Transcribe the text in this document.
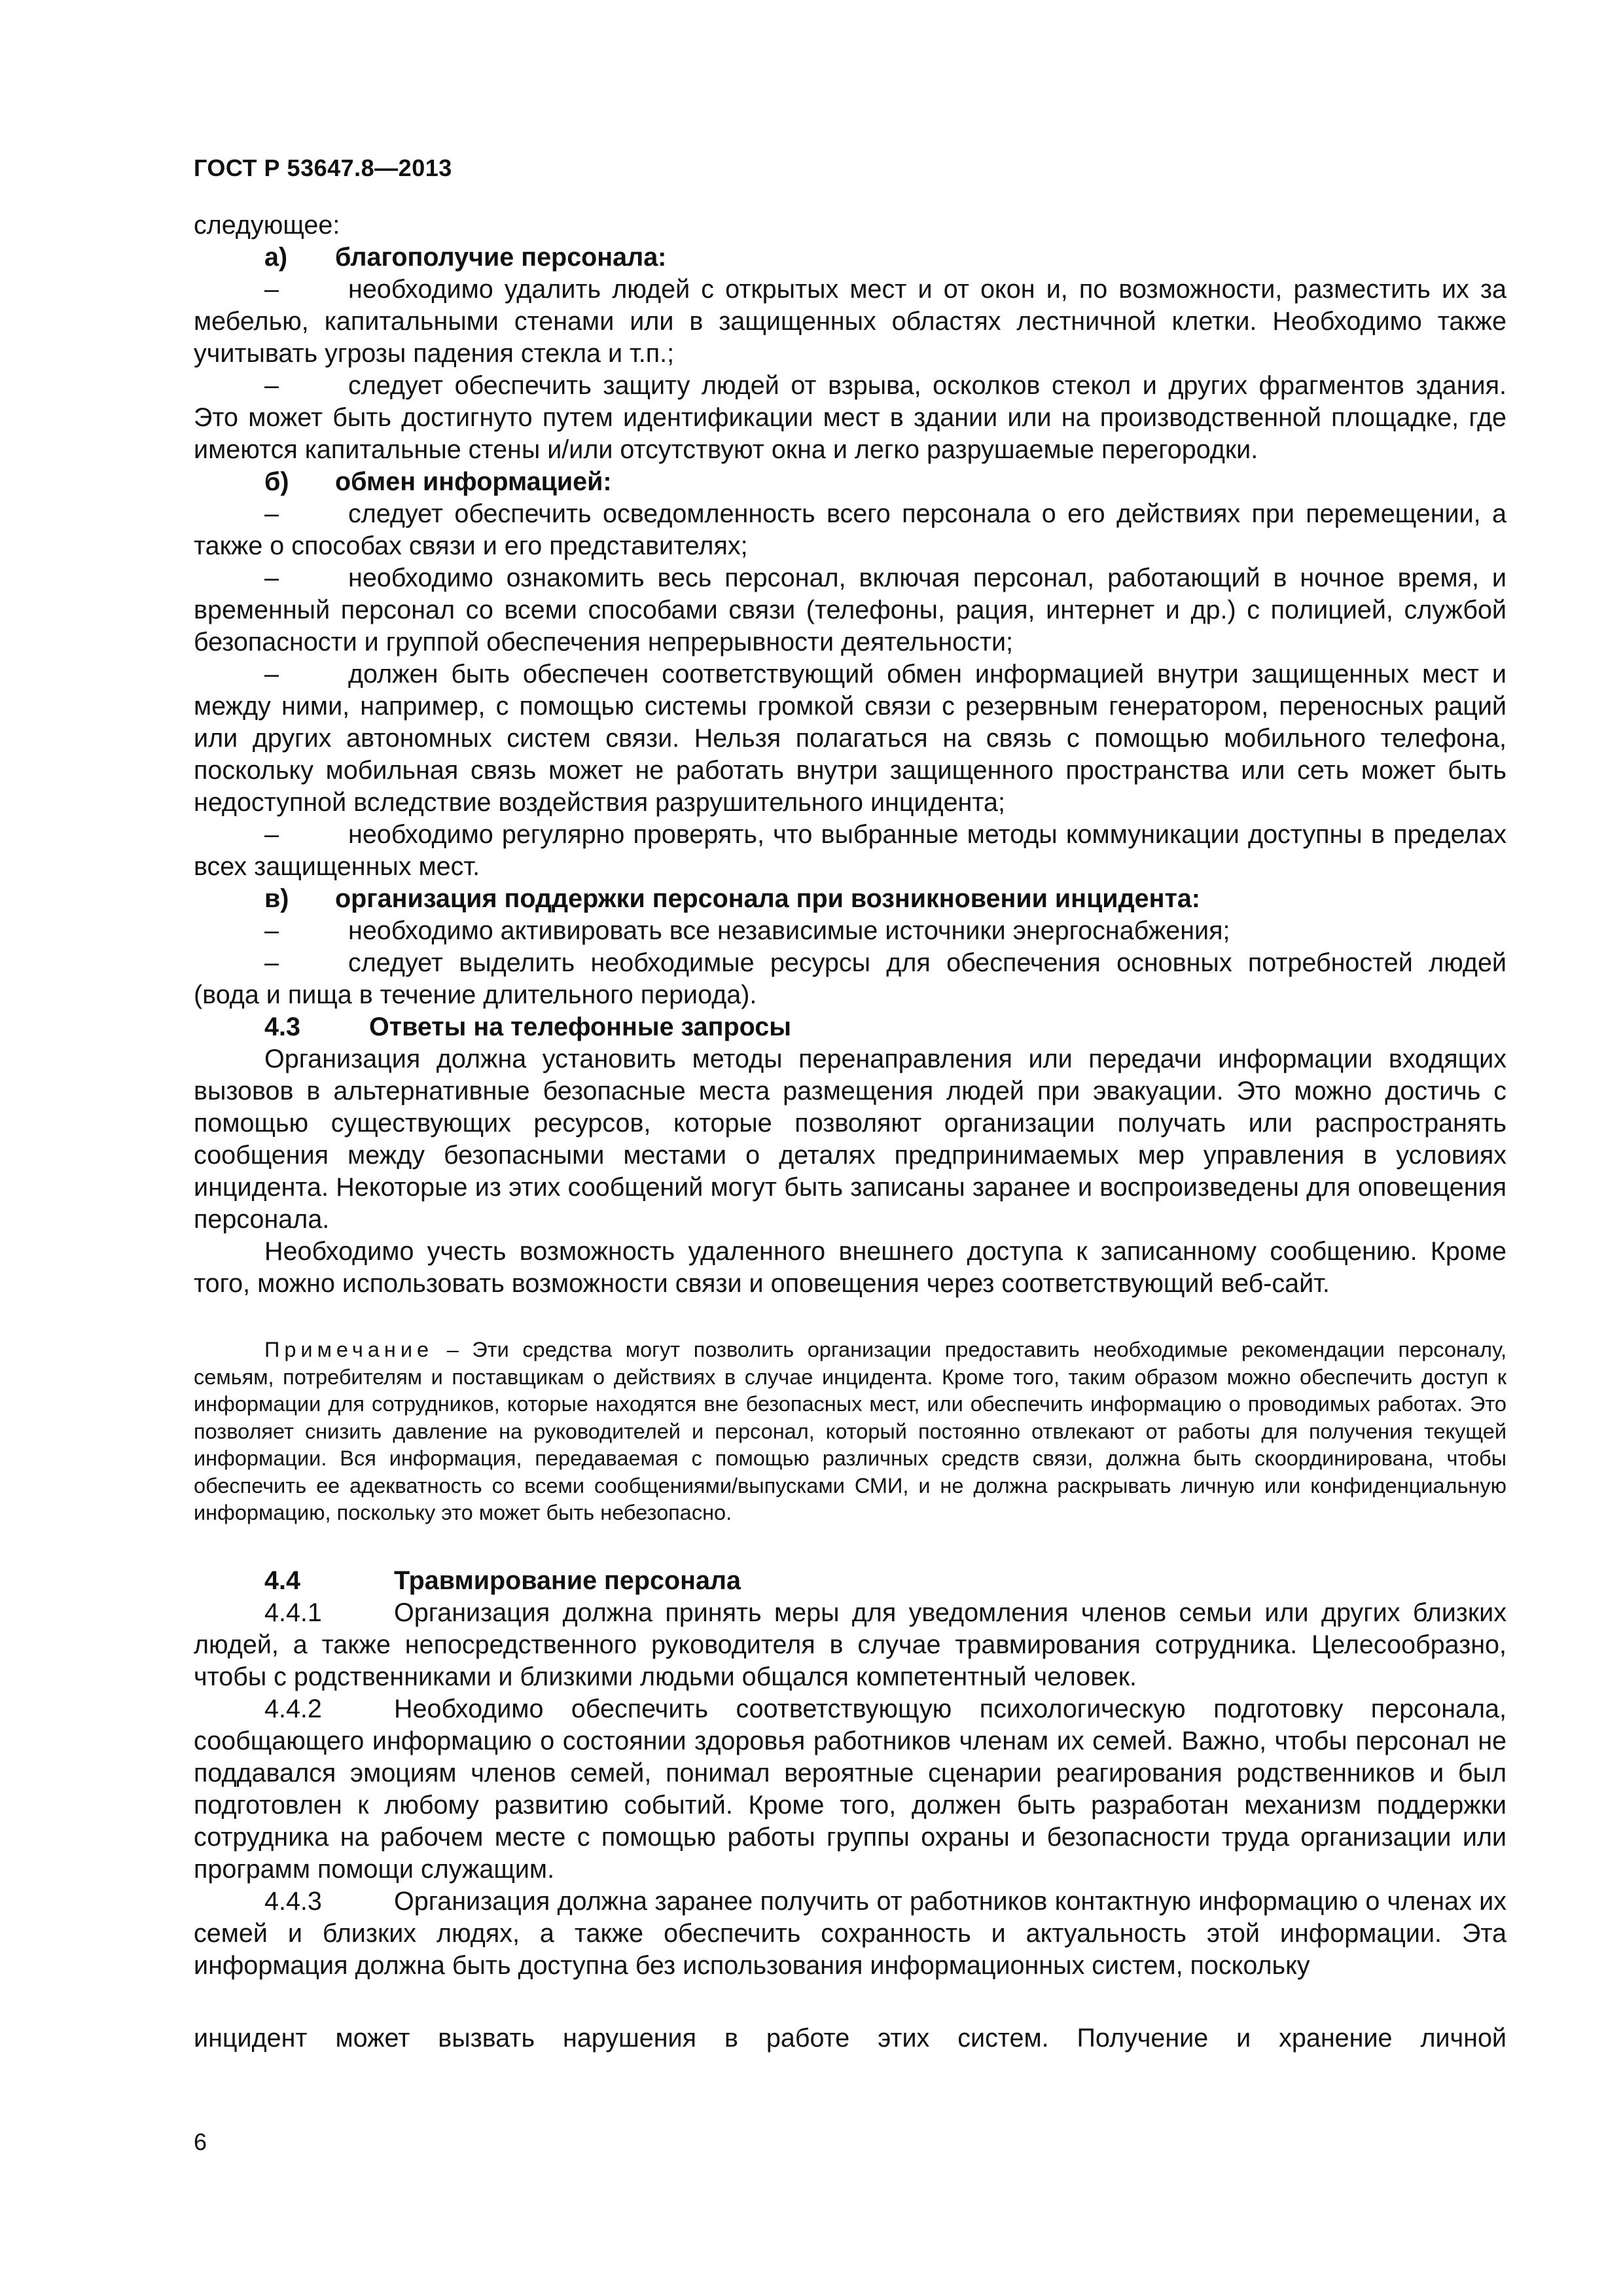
ГОСТ Р 53647.8—2013

следующее:

а) благополучие персонала:

–	необходимо удалить людей с открытых мест и от окон и, по возможности, разместить их за мебелью, капитальными стенами или в защищенных областях лестничной клетки. Необходимо также учитывать угрозы падения стекла и т.п.;

–	следует обеспечить защиту людей от взрыва, осколков стекол и других фрагментов здания. Это может быть достигнуто путем идентификации мест в здании или на производственной площадке, где имеются капитальные стены и/или отсутствуют окна и легко разрушаемые перегородки.

б) обмен информацией:

–	следует обеспечить осведомленность всего персонала о его действиях при перемещении, а также о способах связи и его представителях;

–	необходимо ознакомить весь персонал, включая персонал, работающий в ночное время, и временный персонал со всеми способами связи (телефоны, рация, интернет и др.) с полицией, службой безопасности и группой обеспечения непрерывности деятельности;

–	должен быть обеспечен соответствующий обмен информацией внутри защищенных мест и между ними, например, с помощью системы громкой связи с резервным генератором, переносных раций или других автономных систем связи. Нельзя полагаться на связь с помощью мобильного телефона, поскольку мобильная связь может не работать внутри защищенного пространства или сеть может быть недоступной вследствие воздействия разрушительного инцидента;

–	необходимо регулярно проверять, что выбранные методы коммуникации доступны в пределах всех защищенных мест.

в) организация поддержки персонала при возникновении инцидента:

–	необходимо активировать все независимые источники энергоснабжения;

–	следует выделить необходимые ресурсы для обеспечения основных потребностей людей (вода и пища в течение длительного периода).

4.3	Ответы на телефонные запросы

Организация должна установить методы перенаправления или передачи информации входящих вызовов в альтернативные безопасные места размещения людей при эвакуации. Это можно достичь с помощью существующих ресурсов, которые позволяют организации получать или распространять сообщения между безопасными местами о деталях предпринимаемых мер управления в условиях инцидента. Некоторые из этих сообщений могут быть записаны заранее и воспроизведены для оповещения персонала.

Необходимо учесть возможность удаленного внешнего доступа к записанному сообщению. Кроме того, можно использовать возможности связи и оповещения через соответствующий веб-сайт.

Примечание – Эти средства могут позволить организации предоставить необходимые рекомендации персоналу, семьям, потребителям и поставщикам о действиях в случае инцидента. Кроме того, таким образом можно обеспечить доступ к информации для сотрудников, которые находятся вне безопасных мест, или обеспечить информацию о проводимых работах. Это позволяет снизить давление на руководителей и персонал, который постоянно отвлекают от работы для получения текущей информации. Вся информация, передаваемая с помощью различных средств связи, должна быть скоординирована, чтобы обеспечить ее адекватность со всеми сообщениями/выпусками СМИ, и не должна раскрывать личную или конфиденциальную информацию, поскольку это может быть небезопасно.

4.4	Травмирование персонала

4.4.1	Организация должна принять меры для уведомления членов семьи или других близких людей, а также непосредственного руководителя в случае травмирования сотрудника. Целесообразно, чтобы с родственниками и близкими людьми общался компетентный человек.

4.4.2	Необходимо обеспечить соответствующую психологическую подготовку персонала, сообщающего информацию о состоянии здоровья работников членам их семей. Важно, чтобы персонал не поддавался эмоциям членов семей, понимал вероятные сценарии реагирования родственников и был подготовлен к любому развитию событий. Кроме того, должен быть разработан механизм поддержки сотрудника на рабочем месте с помощью работы группы охраны и безопасности труда организации или программ помощи служащим.

4.4.3	Организация должна заранее получить от работников контактную информацию о членах их семей и близких людях, а также обеспечить сохранность и актуальность этой информации. Эта информация должна быть доступна без использования информационных систем, поскольку

инцидент может вызвать нарушения в работе этих систем. Получение и хранение личной

6
